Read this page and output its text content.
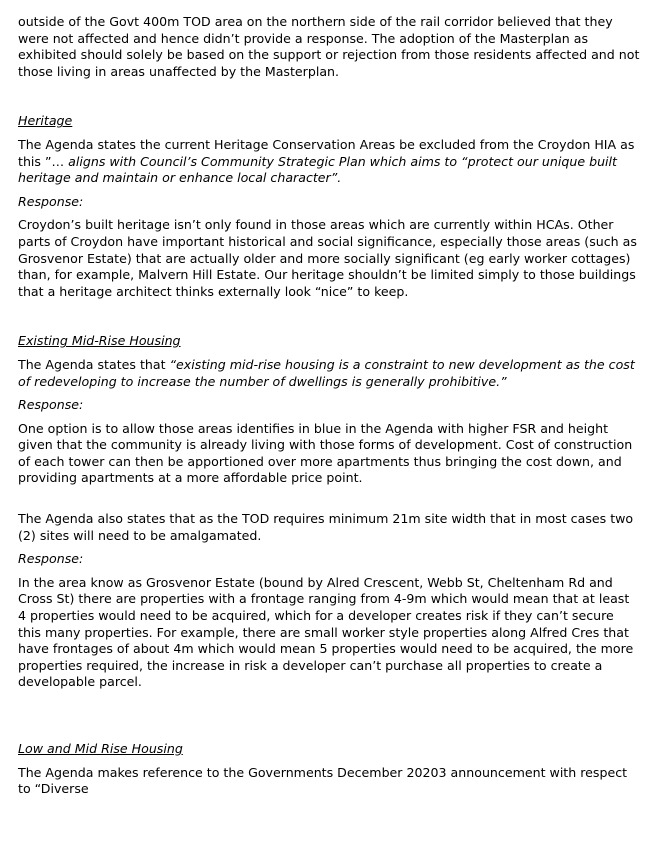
outside of the Govt 400m TOD area on the northern side of the rail corridor believed that they were not affected and hence didn’t provide a response. The adoption of the Masterplan as exhibited should solely be based on the support or rejection from those residents affected and not those living in areas unaffected by the Masterplan.

Heritage

The Agenda states the current Heritage Conservation Areas be excluded from the Croydon HIA as this ”… aligns with Council’s Community Strategic Plan which aims to “protect our unique built heritage and maintain or enhance local character”.

Response:

Croydon’s built heritage isn’t only found in those areas which are currently within HCAs. Other parts of Croydon have important historical and social significance, especially those areas (such as Grosvenor Estate) that are actually older and more socially significant (eg early worker cottages) than, for example, Malvern Hill Estate. Our heritage shouldn’t be limited simply to those buildings that a heritage architect thinks externally look “nice” to keep.

Existing Mid-Rise Housing

The Agenda states that “existing mid-rise housing is a constraint to new development as the cost of redeveloping to increase the number of dwellings is generally prohibitive.”

Response:

One option is to allow those areas identifies in blue in the Agenda with higher FSR and height given that the community is already living with those forms of development. Cost of construction of each tower can then be apportioned over more apartments thus bringing the cost down, and providing apartments at a more affordable price point.

The Agenda also states that as the TOD requires minimum 21m site width that in most cases two (2) sites will need to be amalgamated.

Response:

In the area know as Grosvenor Estate (bound by Alred Crescent, Webb St, Cheltenham Rd and Cross St) there are properties with a frontage ranging from 4-9m which would mean that at least 4 properties would need to be acquired, which for a developer creates risk if they can’t secure this many properties. For example, there are small worker style properties along Alfred Cres that have frontages of about 4m which would mean 5 properties would need to be acquired, the more properties required, the increase in risk a developer can’t purchase all properties to create a developable parcel.

Low and Mid Rise Housing

The Agenda makes reference to the Governments December 20203 announcement with respect to “Diverse
